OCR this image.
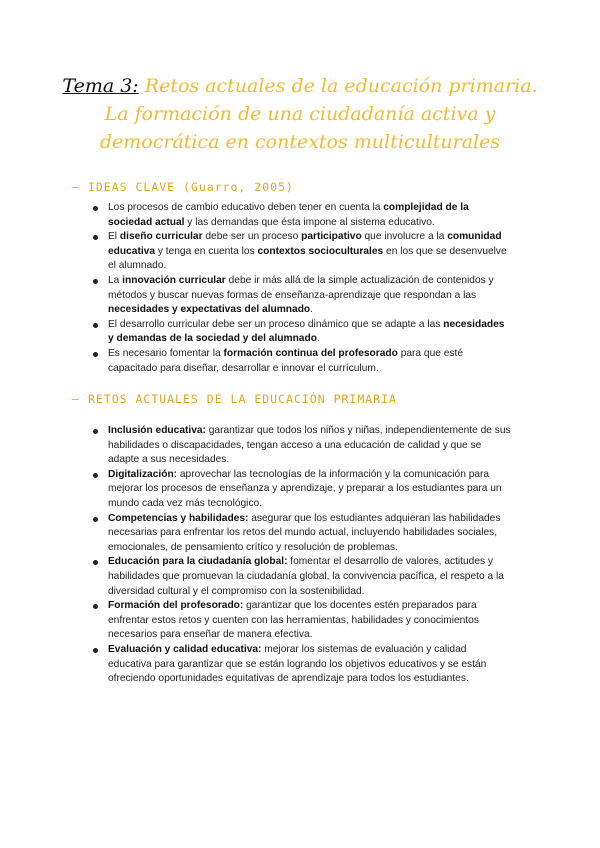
Tema 3: Retos actuales de la educación primaria. La formación de una ciudadanía activa y democrática en contextos multiculturales
– IDEAS CLAVE (Guarro, 2005)
Los procesos de cambio educativo deben tener en cuenta la complejidad de la sociedad actual y las demandas que ésta impone al sistema educativo.
El diseño curricular debe ser un proceso participativo que involucre a la comunidad educativa y tenga en cuenta los contextos socioculturales en los que se desenvuelve el alumnado.
La innovación curricular debe ir más allá de la simple actualización de contenidos y métodos y buscar nuevas formas de enseñanza-aprendizaje que respondan a las necesidades y expectativas del alumnado.
El desarrollo curricular debe ser un proceso dinámico que se adapte a las necesidades y demandas de la sociedad y del alumnado.
Es necesario fomentar la formación continua del profesorado para que esté capacitado para diseñar, desarrollar e innovar el currículum.
– RETOS ACTUALES DE LA EDUCACIÓN PRIMARIA
Inclusión educativa: garantizar que todos los niños y niñas, independientemente de sus habilidades o discapacidades, tengan acceso a una educación de calidad y que se adapte a sus necesidades.
Digitalización: aprovechar las tecnologías de la información y la comunicación para mejorar los procesos de enseñanza y aprendizaje, y preparar a los estudiantes para un mundo cada vez más tecnológico.
Competencias y habilidades: asegurar que los estudiantes adquieran las habilidades necesarias para enfrentar los retos del mundo actual, incluyendo habilidades sociales, emocionales, de pensamiento crítico y resolución de problemas.
Educación para la ciudadanía global: fomentar el desarrollo de valores, actitudes y habilidades que promuevan la ciudadanía global, la convivencia pacífica, el respeto a la diversidad cultural y el compromiso con la sostenibilidad.
Formación del profesorado: garantizar que los docentes estén preparados para enfrentar estos retos y cuenten con las herramientas, habilidades y conocimientos necesarios para enseñar de manera efectiva.
Evaluación y calidad educativa: mejorar los sistemas de evaluación y calidad educativa para garantizar que se están logrando los objetivos educativos y se están ofreciendo oportunidades equitativas de aprendizaje para todos los estudiantes.
